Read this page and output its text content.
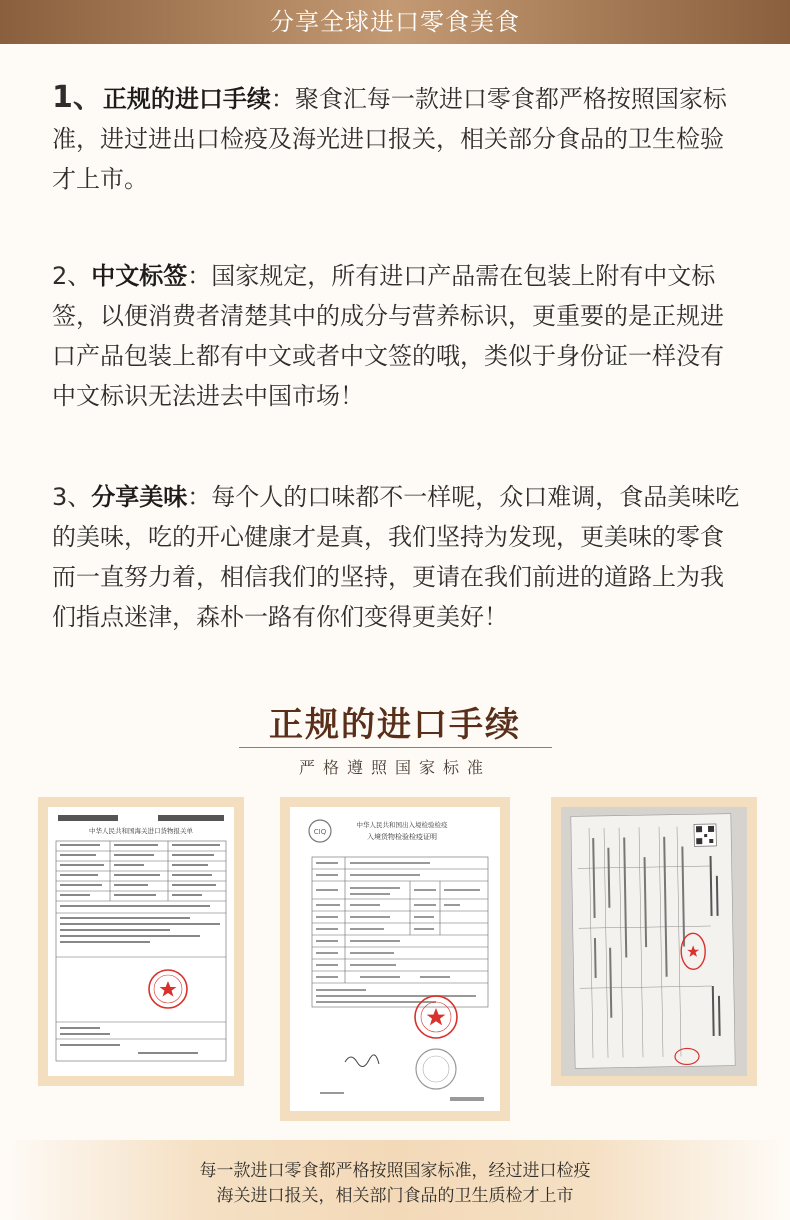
分享全球进口零食美食
1、正规的进口手续：聚食汇每一款进口零食都严格按照国家标准，进过进出口检疫及海光进口报关，相关部分食品的卫生检验才上市。
2、中文标签：国家规定，所有进口产品需在包装上附有中文标签，以便消费者清楚其中的成分与营养标识，更重要的是正规进口产品包装上都有中文或者中文签的哦，类似于身份证一样没有中文标识无法进去中国市场！
3、分享美味：每个人的口味都不一样呢，众口难调，食品美味吃的美味，吃的开心健康才是真，我们坚持为发现，更美味的零食而一直努力着，相信我们的坚持，更请在我们前进的道路上为我们指点迷津，森朴一路有你们变得更美好！
正规的进口手续
严格遵照国家标准
中华人民共和国海关进口货物报关单	CIQ
中华人民共和国出入境检验检疫
入境货物检验检疫证明
每一款进口零食都严格按照国家标准，经过进口检疫
海关进口报关，相关部门食品的卫生质检才上市
